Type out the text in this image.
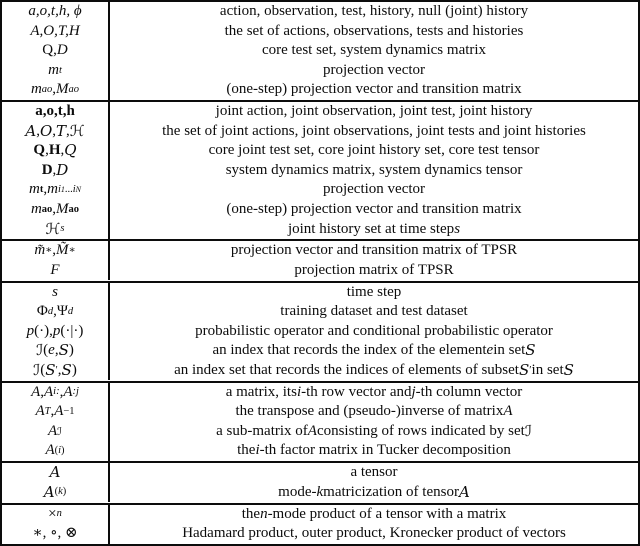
a,o,t,h, ϕ	action, observation, test, history, null (joint) history
A,O,T,H	the set of actions, observations, tests and histories
Q, D	core test set, system dynamics matrix
m t	projection vector
m ao , M ao	(one-step) projection vector and transition matrix
a,o,t,h	joint action, joint observation, joint test, joint history
A , O , T , ℋ	the set of joint actions, joint observations, joint tests and joint histories
Q , H , Q	core joint test set, core joint history set, core test tensor
D , D	system dynamics matrix, system dynamics tensor
m t , m i 1 ... i N	projection vector
m ao , M ao	(one-step) projection vector and transition matrix
ℋ s	joint history set at time step s
m̃ ∗ , M̃ ∗	projection vector and transition matrix of TPSR
F	projection matrix of TPSR
s	time step
Φ d , Ψ d	training dataset and test dataset
p (·), p (·|·)	probabilistic operator and conditional probabilistic operator
ℐ ( e , S )	an index that records the index of the element e in set S
ℐ ( S ′ , S )	an index set that records the indices of elements of subset S ′ in set S
A , A i: , A :j	a matrix, its i -th row vector and j -th column vector
A T , A −1	the transpose and (pseudo-)inverse of matrix A
A ℐ	a sub-matrix of A consisting of rows indicated by set ℐ
A ( i )	the i -th factor matrix in Tucker decomposition
A	a tensor
A ( k )	mode- k matricization of tensor A
× n	the n -mode product of a tensor with a matrix
∗, ∘, ⊗	Hadamard product, outer product, Kronecker product of vectors
